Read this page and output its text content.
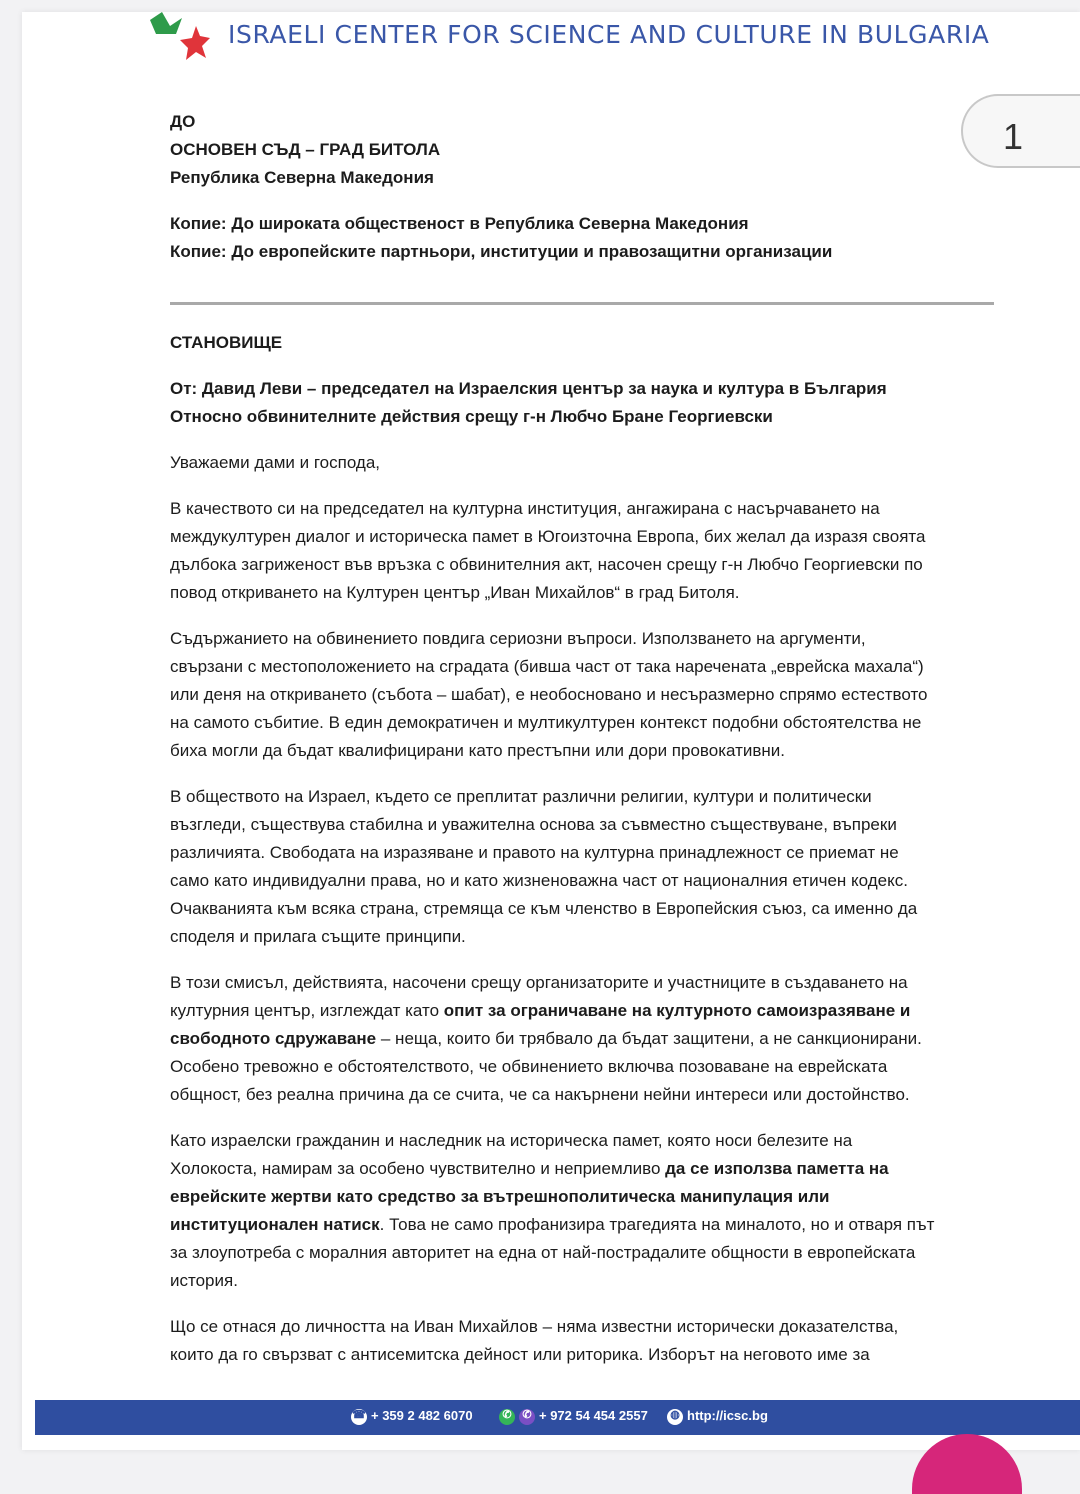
ISRAELI CENTER FOR SCIENCE AND CULTURE IN BULGARIA

ДО

ОСНОВЕН СЪД – ГРАД БИТОЛА

Република Северна Македония

Копие: До широката общественост в Република Северна Македония

Копие: До европейските партньори, институции и правозащитни организации

СТАНОВИЩЕ

От: Давид Леви – председател на Израелския център за наука и култура в България

Относно обвинителните действия срещу г-н Любчо Бране Георгиевски

Уважаеми дами и господа,

В качеството си на председател на културна институция, ангажирана с насърчаването на

междукултурен диалог и историческа памет в Югоизточна Европа, бих желал да изразя своята

дълбока загриженост във връзка с обвинителния акт, насочен срещу г-н Любчо Георгиевски по

повод откриването на Културен център „Иван Михайлов“ в град Битоля.

Съдържанието на обвинението повдига сериозни въпроси. Използването на аргументи,

свързани с местоположението на сградата (бивша част от така наречената „еврейска махала“)

или деня на откриването (събота – шабат), е необосновано и несъразмерно спрямо естеството

на самото събитие. В един демократичен и мултикултурен контекст подобни обстоятелства не

биха могли да бъдат квалифицирани като престъпни или дори провокативни.

В обществото на Израел, където се преплитат различни религии, култури и политически

възгледи, съществува стабилна и уважителна основа за съвместно съществуване, въпреки

различията. Свободата на изразяване и правото на културна принадлежност се приемат не

само като индивидуални права, но и като жизненоважна част от националния етичен кодекс.

Очакванията към всяка страна, стремяща се към членство в Европейския съюз, са именно да

споделя и прилага същите принципи.

В този смисъл, действията, насочени срещу организаторите и участниците в създаването на

културния център, изглеждат като опит за ограничаване на културното самоизразяване и

свободното сдружаване – неща, които би трябвало да бъдат защитени, а не санкционирани.

Особено тревожно е обстоятелството, че обвинението включва позоваване на еврейската

общност, без реална причина да се счита, че са накърнени нейни интереси или достойнство.

Като израелски гражданин и наследник на историческа памет, която носи белезите на

Холокоста, намирам за особено чувствително и неприемливо да се използва паметта на

еврейските жертви като средство за вътрешнополитическа манипулация или

институционален натиск. Това не само профанизира трагедията на миналото, но и отваря път

за злоупотреба с моралния авторитет на една от най-пострадалите общности в европейската

история.

Що се отнася до личността на Иван Михайлов – няма известни исторически доказателства,

които да го свързват с антисемитска дейност или риторика. Изборът на неговото име за

1
☎ + 359 2 482 6070	✆ ✆ + 972 54 454 2557 ◍ http://icsc.bg
